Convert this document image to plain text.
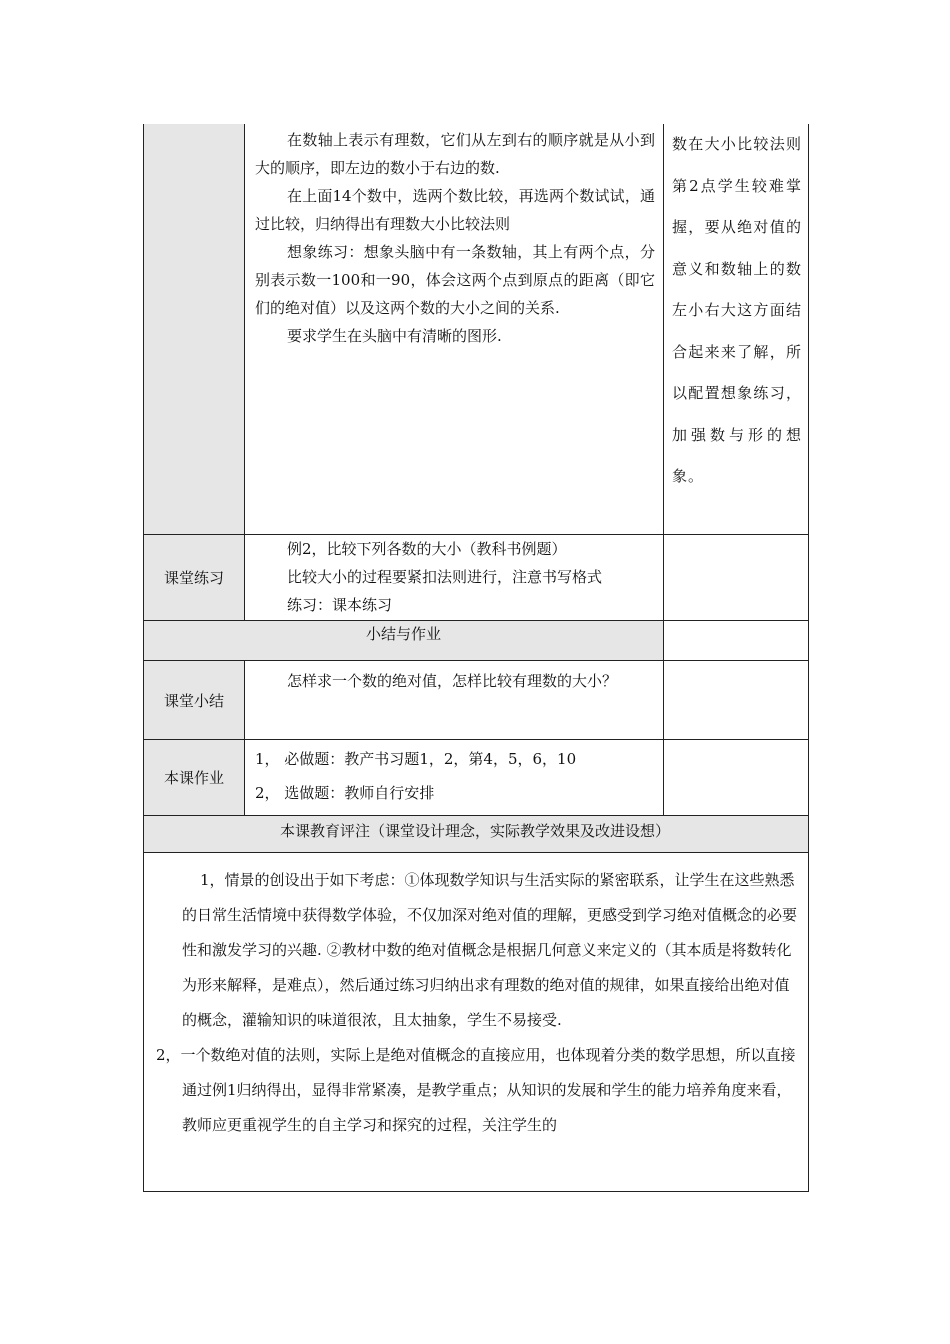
在数轴上表示有理数，它们从左到右的顺序就是从小到大的顺序，即左边的数小于右边的数.

在上面14个数中，选两个数比较，再选两个数试试，通过比较，归纳得出有理数大小比较法则

想象练习：想象头脑中有一条数轴，其上有两个点，分别表示数一100和一90，体会这两个点到原点的距离（即它们的绝对值）以及这两个数的大小之间的关系.

要求学生在头脑中有清晰的图形.

数在大小比较法则第2点学生较难掌握，要从绝对值的意义和数轴上的数左小右大这方面结合起来来了解，所以配置想象练习，加强数与形的想象。
课堂练习

例2，比较下列各数的大小（教科书例题）

比较大小的过程要紧扣法则进行，注意书写格式

练习：课本练习

小结与作业
课堂小结

怎样求一个数的绝对值，怎样比较有理数的大小？

本课作业

1， 必做题：教产书习题1，2，第4，5，6，10

2， 选做题：教师自行安排

本课教育评注（课堂设计理念，实际教学效果及改进设想）

1，情景的创设出于如下考虑：①体现数学知识与生活实际的紧密联系，让学生在这些熟悉的日常生活情境中获得数学体验，不仅加深对绝对值的理解，更感受到学习绝对值概念的必要性和激发学习的兴趣. ②教材中数的绝对值概念是根据几何意义来定义的（其本质是将数转化为形来解释，是难点），然后通过练习归纳出求有理数的绝对值的规律，如果直接给出绝对值的概念，灌输知识的味道很浓，且太抽象，学生不易接受.

2，一个数绝对值的法则，实际上是绝对值概念的直接应用，也体现着分类的数学思想，所以直接通过例1归纳得出，显得非常紧凑，是教学重点；从知识的发展和学生的能力培养角度来看，教师应更重视学生的自主学习和探究的过程，关注学生的
